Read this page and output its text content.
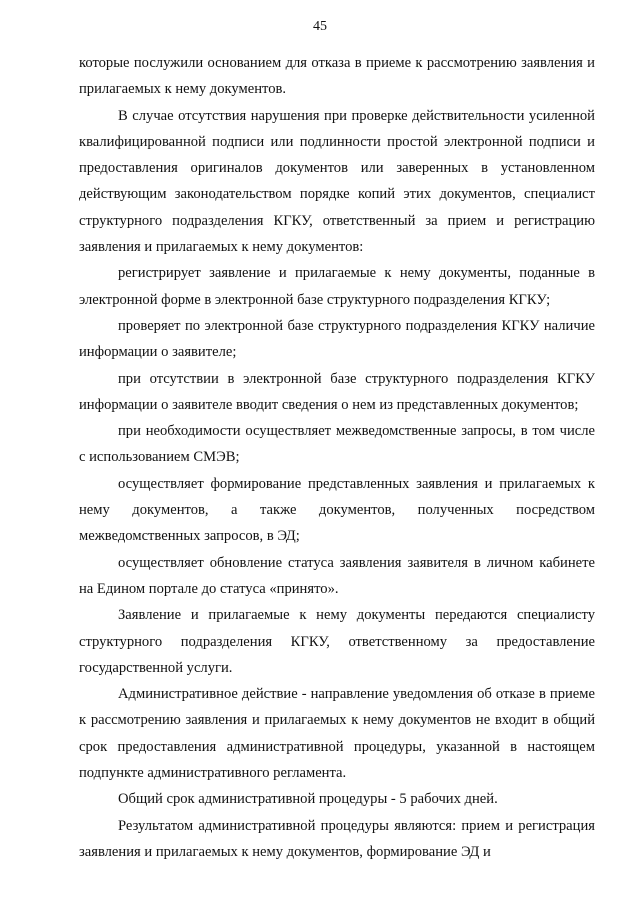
45

которые послужили основанием для отказа в приеме к рассмотрению заявления и прилагаемых к нему документов.

В случае отсутствия нарушения при проверке действительности усиленной квалифицированной подписи или подлинности простой электронной подписи и предоставления оригиналов документов или заверенных в установленном действующим законодательством порядке копий этих документов, специалист структурного подразделения КГКУ, ответственный за прием и регистрацию заявления и прилагаемых к нему документов:

регистрирует заявление и прилагаемые к нему документы, поданные в электронной форме в электронной базе структурного подразделения КГКУ;

проверяет по электронной базе структурного подразделения КГКУ наличие информации о заявителе;

при отсутствии в электронной базе структурного подразделения КГКУ информации о заявителе вводит сведения о нем из представленных документов;

при необходимости осуществляет межведомственные запросы, в том числе с использованием СМЭВ;

осуществляет формирование представленных заявления и прилагаемых к нему документов, а также документов, полученных посредством межведомственных запросов, в ЭД;

осуществляет обновление статуса заявления заявителя в личном кабинете на Едином портале до статуса «принято».

Заявление и прилагаемые к нему документы передаются специалисту структурного подразделения КГКУ, ответственному за предоставление государственной услуги.

Административное действие - направление уведомления об отказе в приеме к рассмотрению заявления и прилагаемых к нему документов не входит в общий срок предоставления административной процедуры, указанной в настоящем подпункте административного регламента.

Общий срок административной процедуры - 5 рабочих дней.

Результатом административной процедуры являются: прием и регистрация заявления и прилагаемых к нему документов, формирование ЭД и
